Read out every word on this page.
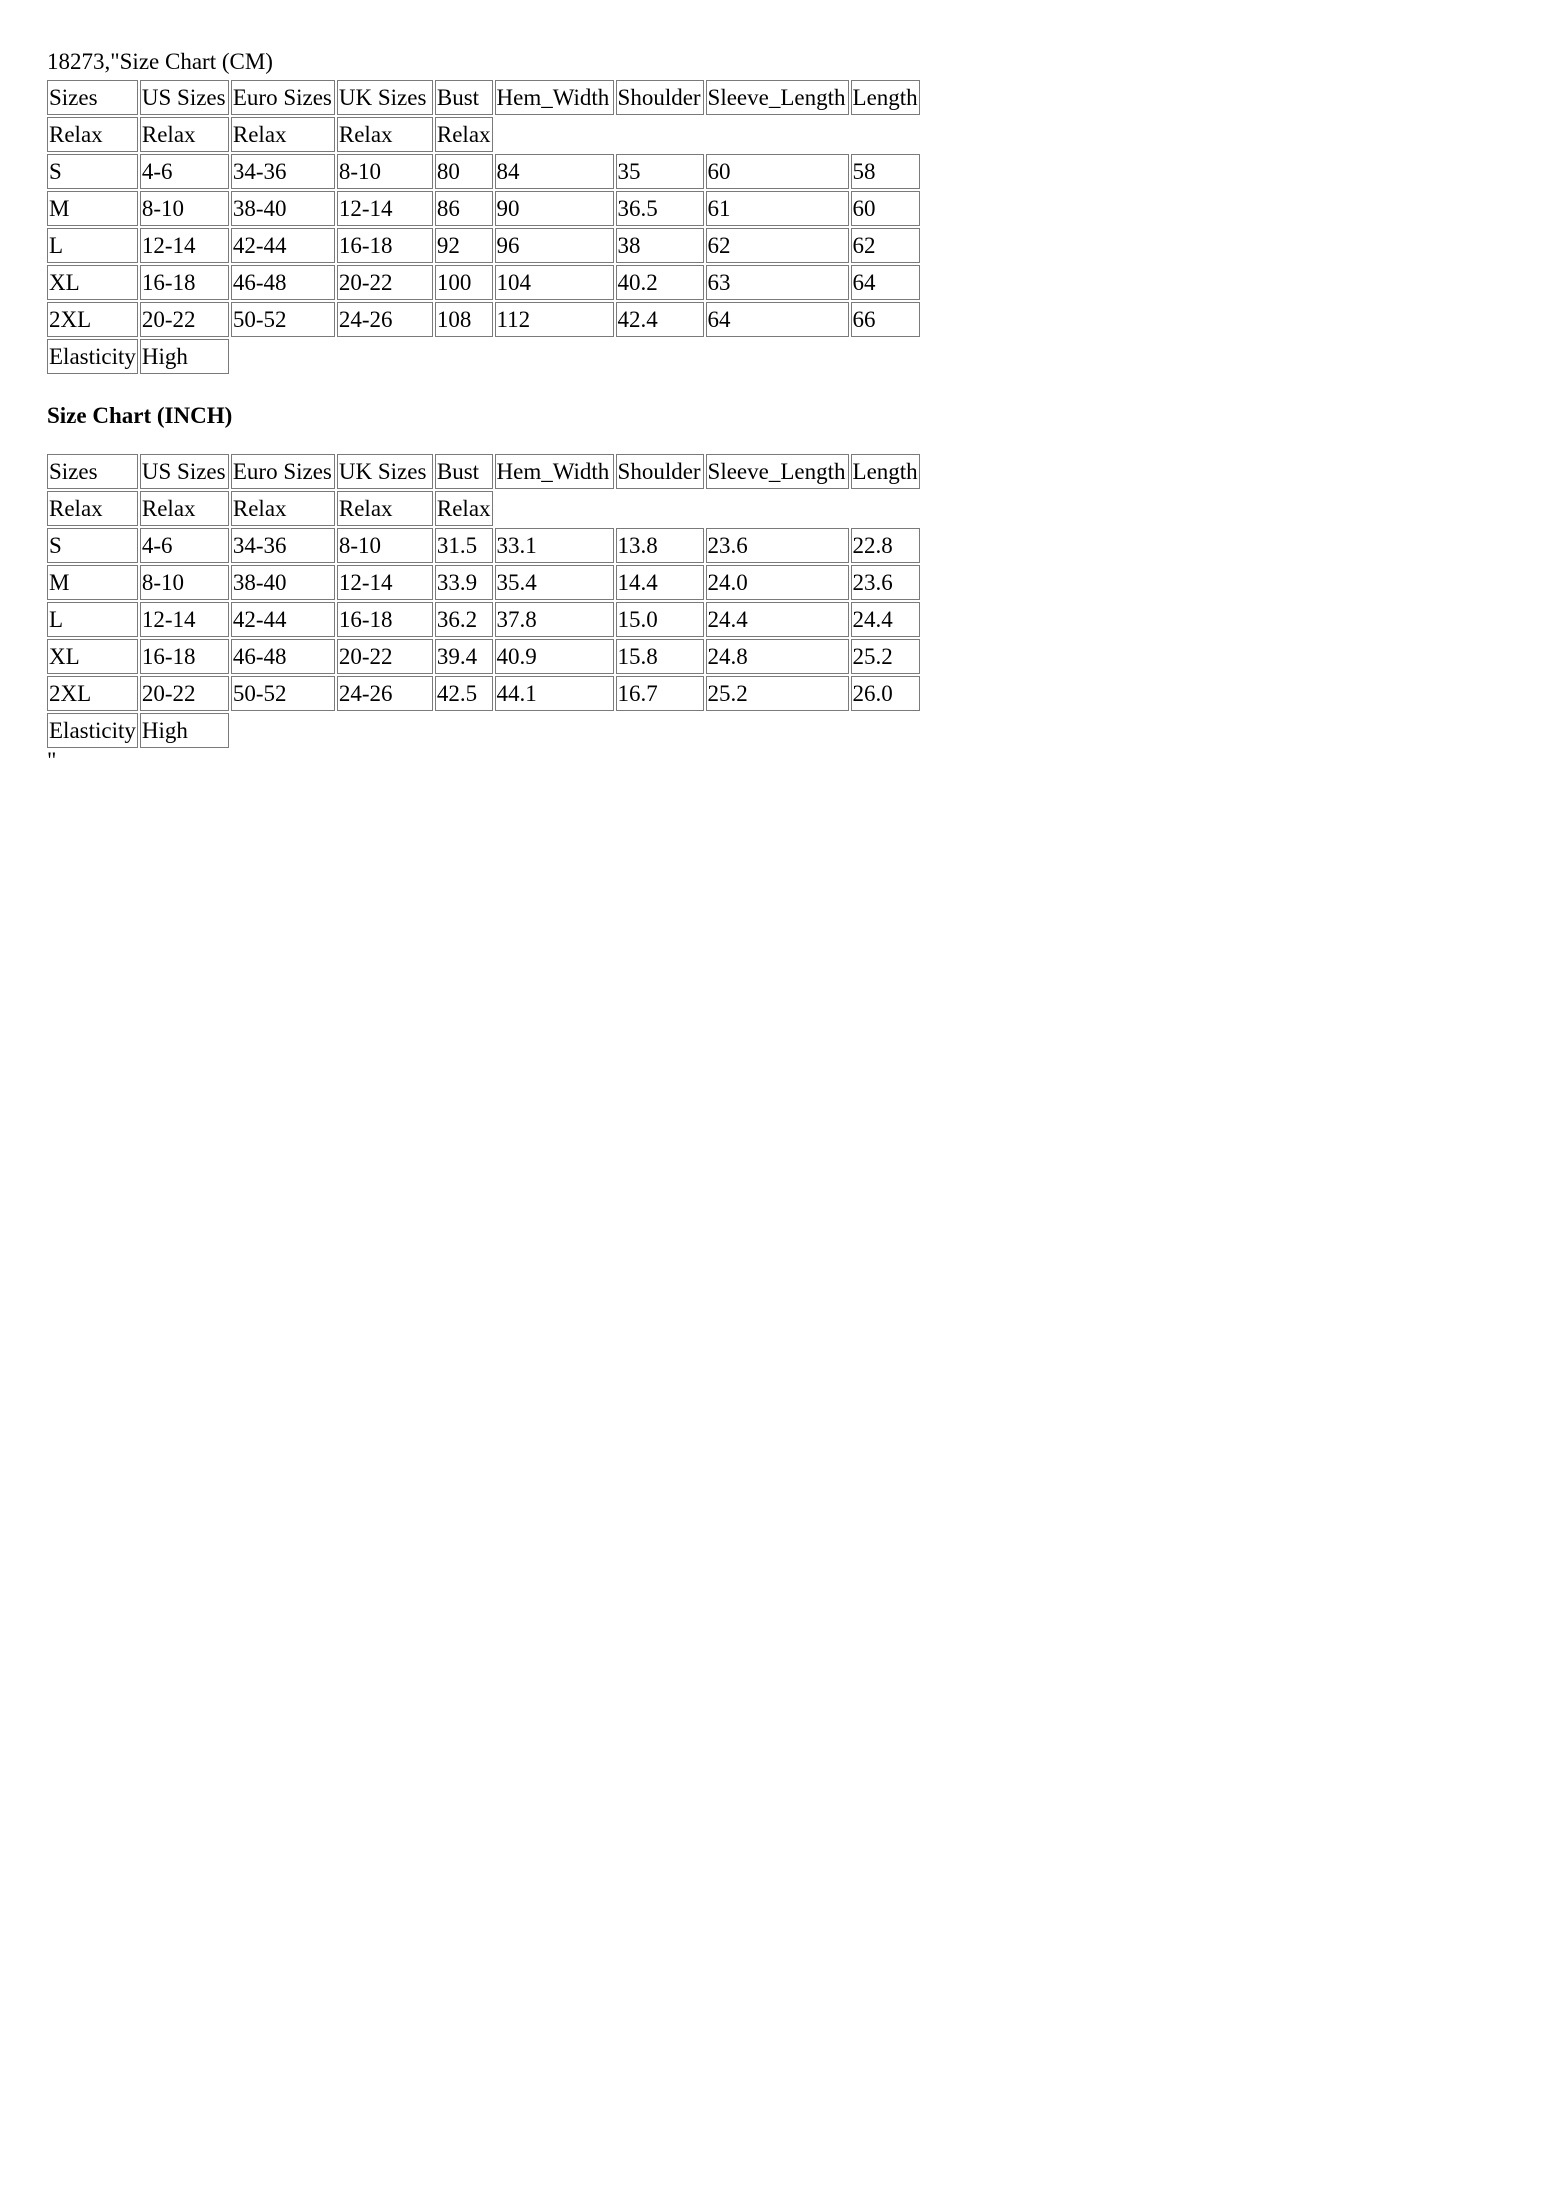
18273,"Size Chart (CM)
Sizes	US Sizes	Euro Sizes	UK Sizes	Bust	Hem_Width	Shoulder	Sleeve_Length	Length
Relax	Relax	Relax	Relax	Relax				
S	4-6	34-36	8-10	80	84	35	60	58
M	8-10	38-40	12-14	86	90	36.5	61	60
L	12-14	42-44	16-18	92	96	38	62	62
XL	16-18	46-48	20-22	100	104	40.2	63	64
2XL	20-22	50-52	24-26	108	112	42.4	64	66
Elasticity	High							
Size Chart (INCH)
Sizes	US Sizes	Euro Sizes	UK Sizes	Bust	Hem_Width	Shoulder	Sleeve_Length	Length
Relax	Relax	Relax	Relax	Relax				
S	4-6	34-36	8-10	31.5	33.1	13.8	23.6	22.8
M	8-10	38-40	12-14	33.9	35.4	14.4	24.0	23.6
L	12-14	42-44	16-18	36.2	37.8	15.0	24.4	24.4
XL	16-18	46-48	20-22	39.4	40.9	15.8	24.8	25.2
2XL	20-22	50-52	24-26	42.5	44.1	16.7	25.2	26.0
Elasticity	High							
"
